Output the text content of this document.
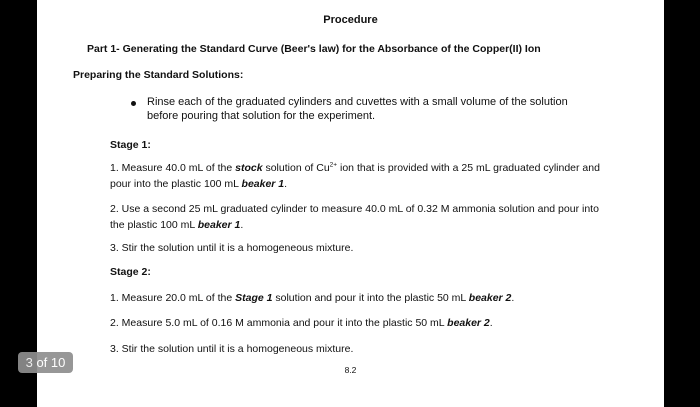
Procedure
Part 1- Generating the Standard Curve (Beer's law) for the Absorbance of the Copper(II) Ion
Preparing the Standard Solutions:
Rinse each of the graduated cylinders and cuvettes with a small volume of the solution before pouring that solution for the experiment.
Stage 1:
1. Measure 40.0 mL of the stock solution of $Cu^{2+}$ ion that is provided with a 25 mL graduated cylinder and pour into the plastic 100 mL beaker 1.
2. Use a second 25 mL graduated cylinder to measure 40.0 mL of 0.32 M ammonia solution and pour into the plastic 100 mL beaker 1.
3. Stir the solution until it is a homogeneous mixture.
Stage 2:
1. Measure 20.0 mL of the Stage 1 solution and pour it into the plastic 50 mL beaker 2.
2. Measure 5.0 mL of 0.16 M ammonia and pour it into the plastic 50 mL beaker 2.
3. Stir the solution until it is a homogeneous mixture.
8.2
3 of 10
